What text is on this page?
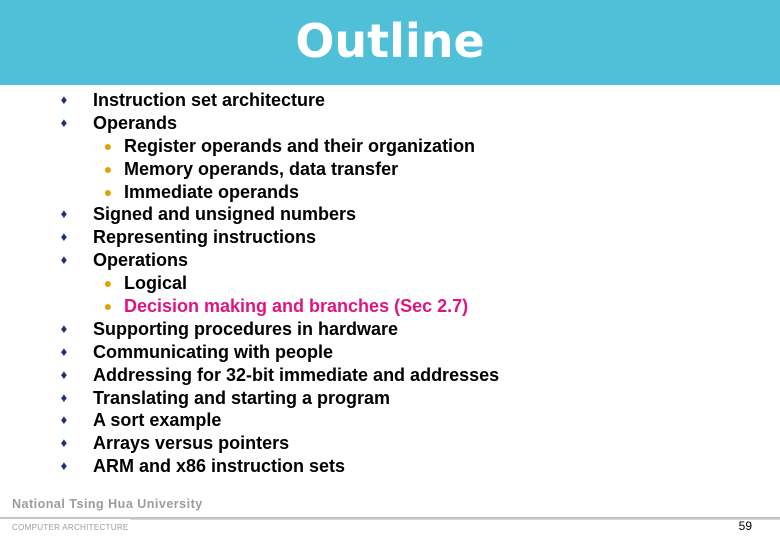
Outline
♦ Instruction set architecture
♦ Operands
● Register operands and their organization
● Memory operands, data transfer
● Immediate operands
♦ Signed and unsigned numbers
♦ Representing instructions
♦ Operations
● Logical
● Decision making and branches (Sec 2.7)
♦ Supporting procedures in hardware
♦ Communicating with people
♦ Addressing for 32-bit immediate and addresses
♦ Translating and starting a program
♦ A sort example
♦ Arrays versus pointers
♦ ARM and x86 instruction sets
National Tsing Hua University
COMPUTER ARCHITECTURE	59
